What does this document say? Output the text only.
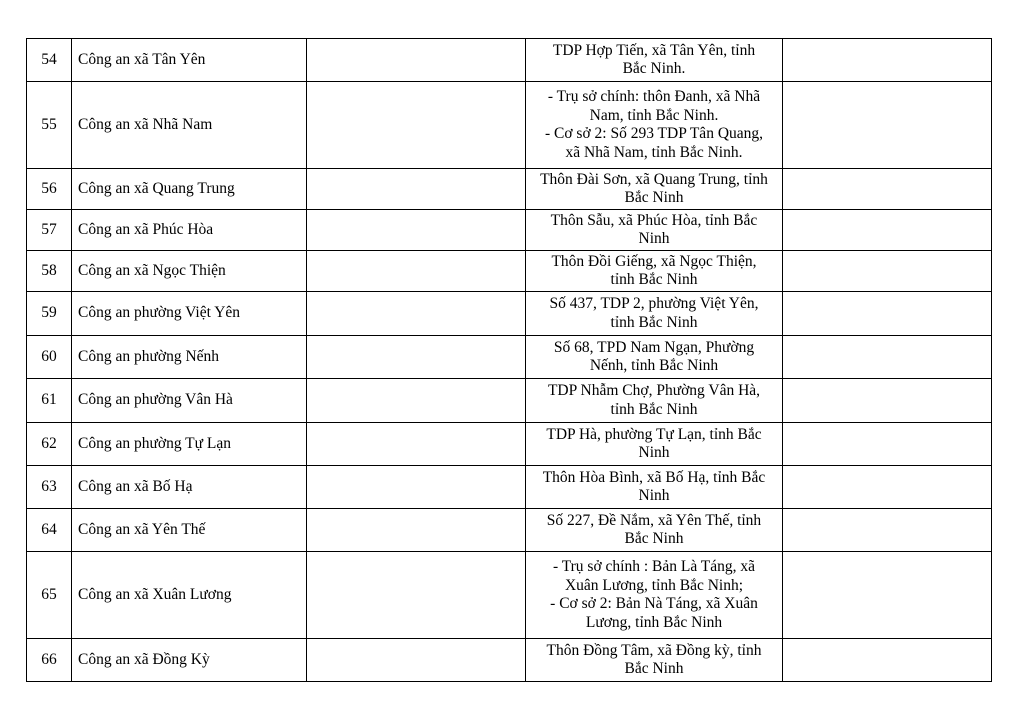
54	Công an xã Tân Yên		TDP Hợp Tiến, xã Tân Yên, tỉnh
Bắc Ninh.	

55	Công an xã Nhã Nam		- Trụ sở chính: thôn Đanh, xã Nhã
Nam, tỉnh Bắc Ninh.
- Cơ sở 2: Số 293 TDP Tân Quang,
xã Nhã Nam, tỉnh Bắc Ninh.	

56	Công an xã Quang Trung		Thôn Đài Sơn, xã Quang Trung, tỉnh
Bắc Ninh	

57	Công an xã Phúc Hòa		Thôn Sẫu, xã Phúc Hòa, tỉnh Bắc
Ninh	

58	Công an xã Ngọc Thiện		Thôn Đồi Giếng, xã Ngọc Thiện,
tỉnh Bắc Ninh	

59	Công an phường Việt Yên		Số 437, TDP 2, phường Việt Yên,
tỉnh Bắc Ninh	

60	Công an phường Nếnh		Số 68, TPD Nam Ngạn, Phường
Nếnh, tỉnh Bắc Ninh	

61	Công an phường Vân Hà		TDP Nhẫm Chợ, Phường Vân Hà,
tỉnh Bắc Ninh	

62	Công an phường Tự Lạn		TDP Hà, phường Tự Lạn, tỉnh Bắc
Ninh	

63	Công an xã Bố Hạ		Thôn Hòa Bình, xã Bố Hạ, tỉnh Bắc
Ninh	

64	Công an xã Yên Thế		Số 227, Đề Nắm, xã Yên Thế, tỉnh
Bắc Ninh	

65	Công an xã Xuân Lương		- Trụ sở chính : Bản Là Táng, xã
Xuân Lương, tỉnh Bắc Ninh;
- Cơ sở 2: Bản Nà Táng, xã Xuân
Lương, tỉnh Bắc Ninh	

66	Công an xã Đồng Kỳ		Thôn Đồng Tâm, xã Đồng kỳ, tỉnh
Bắc Ninh	
